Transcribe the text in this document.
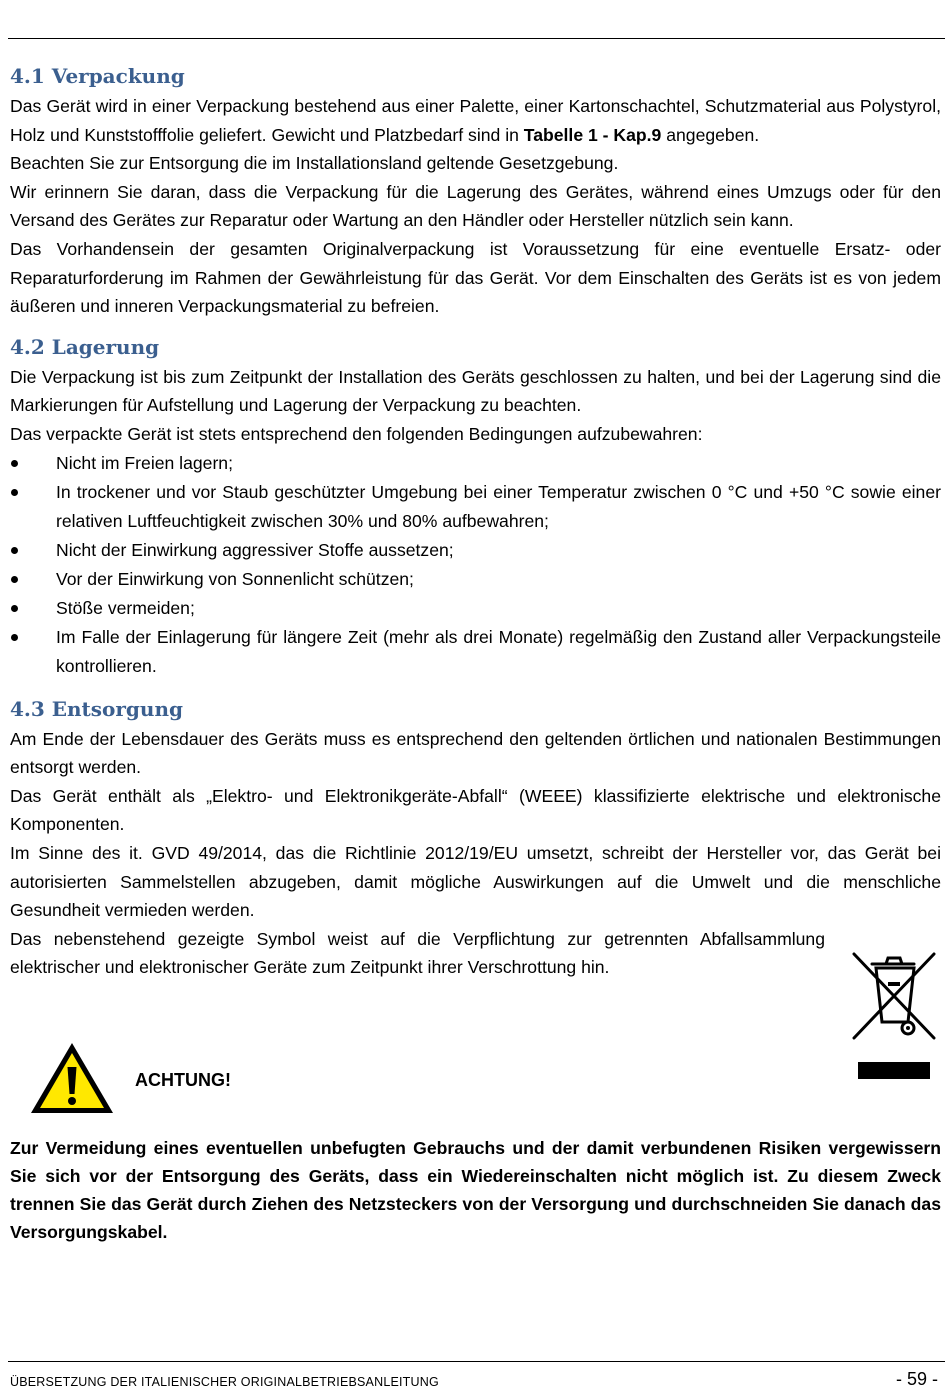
4.1 Verpackung

Das Gerät wird in einer Verpackung bestehend aus einer Palette, einer Kartonschachtel, Schutzmaterial aus Polystyrol, Holz und Kunststofffolie geliefert. Gewicht und Platzbedarf sind in Tabelle 1 - Kap.9 angegeben.

Beachten Sie zur Entsorgung die im Installationsland geltende Gesetzgebung.

Wir erinnern Sie daran, dass die Verpackung für die Lagerung des Gerätes, während eines Umzugs oder für den Versand des Gerätes zur Reparatur oder Wartung an den Händler oder Hersteller nützlich sein kann.

Das Vorhandensein der gesamten Originalverpackung ist Voraussetzung für eine eventuelle Ersatz- oder Reparaturforderung im Rahmen der Gewährleistung für das Gerät. Vor dem Einschalten des Geräts ist es von jedem äußeren und inneren Verpackungsmaterial zu befreien.

4.2 Lagerung

Die Verpackung ist bis zum Zeitpunkt der Installation des Geräts geschlossen zu halten, und bei der Lagerung sind die Markierungen für Aufstellung und Lagerung der Verpackung zu beachten.

Das verpackte Gerät ist stets entsprechend den folgenden Bedingungen aufzubewahren:

Nicht im Freien lagern;
In trockener und vor Staub geschützter Umgebung bei einer Temperatur zwischen 0 °C und +50 °C sowie einer relativen Luftfeuchtigkeit zwischen 30% und 80% aufbewahren;
Nicht der Einwirkung aggressiver Stoffe aussetzen;
Vor der Einwirkung von Sonnenlicht schützen;
Stöße vermeiden;
Im Falle der Einlagerung für längere Zeit (mehr als drei Monate) regelmäßig den Zustand aller Verpackungsteile kontrollieren.
4.3 Entsorgung

Am Ende der Lebensdauer des Geräts muss es entsprechend den geltenden örtlichen und nationalen Bestimmungen entsorgt werden.

Das Gerät enthält als „Elektro- und Elektronikgeräte-Abfall“ (WEEE) klassifizierte elektrische und elektronische Komponenten.

Im Sinne des it. GVD 49/2014, das die Richtlinie 2012/19/EU umsetzt, schreibt der Hersteller vor, das Gerät bei autorisierten Sammelstellen abzugeben, damit mögliche Auswirkungen auf die Umwelt und die menschliche Gesundheit vermieden werden.

Das nebenstehend gezeigte Symbol weist auf die Verpflichtung zur getrennten Abfallsammlung elektrischer und elektronischer Geräte zum Zeitpunkt ihrer Verschrottung hin.

ACHTUNG!
Zur Vermeidung eines eventuellen unbefugten Gebrauchs und der damit verbundenen Risiken vergewissern Sie sich vor der Entsorgung des Geräts, dass ein Wiedereinschalten nicht möglich ist. Zu diesem Zweck trennen Sie das Gerät durch Ziehen des Netzsteckers von der Versorgung und durchschneiden Sie danach das Versorgungskabel.
ÜBERSETZUNG DER ITALIENISCHER ORIGINALBETRIEBSANLEITUNG	- 59 -
